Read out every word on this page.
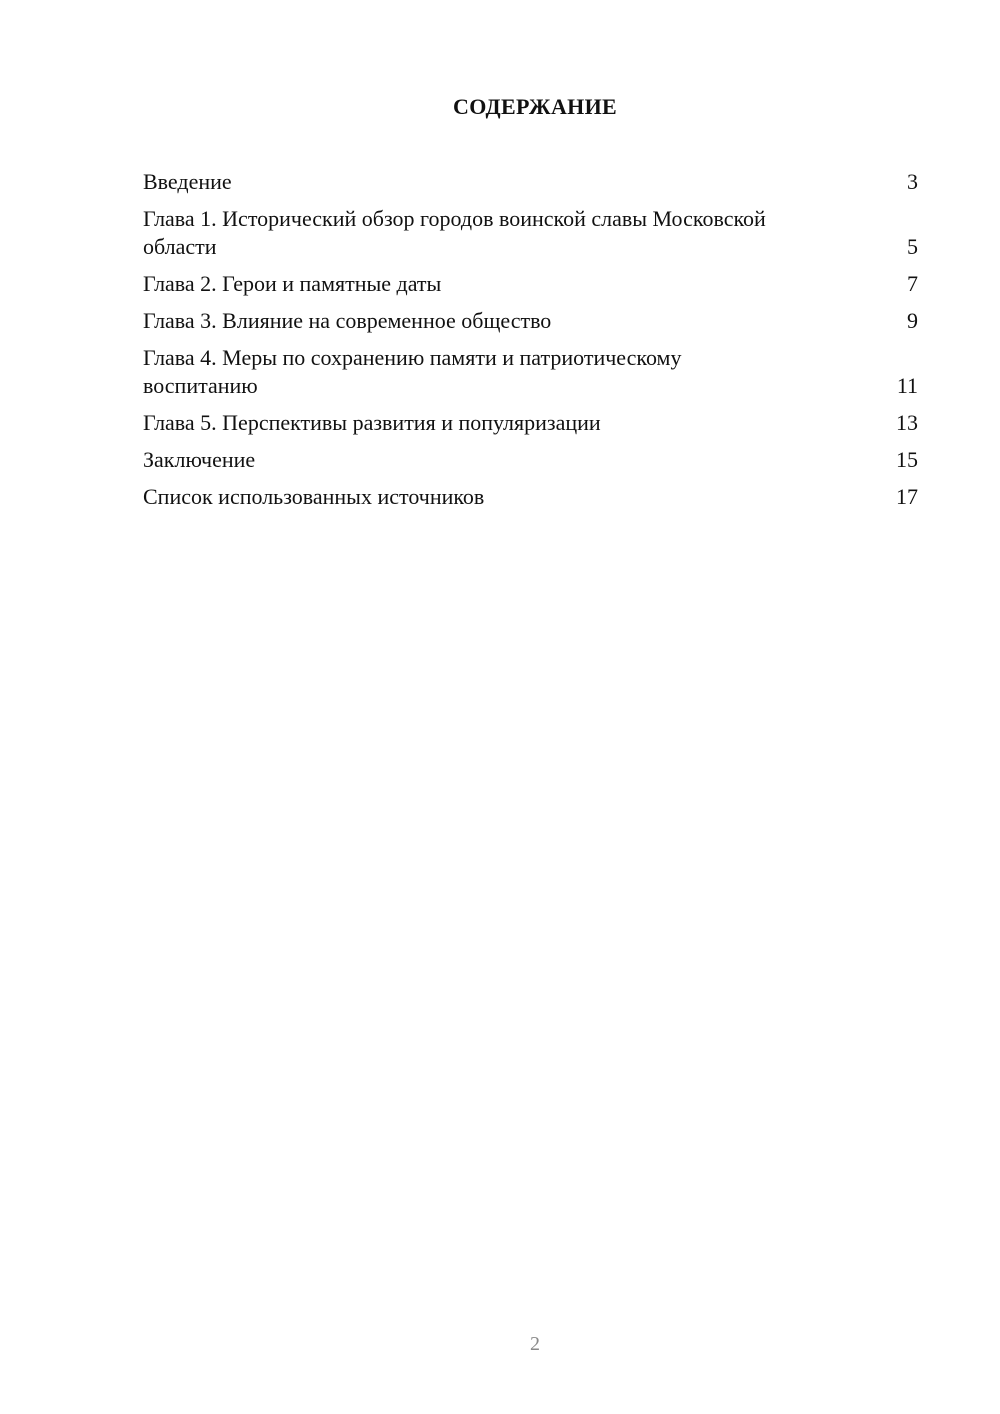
СОДЕРЖАНИЕ
Введение	3
Глава 1. Исторический обзор городов воинской славы Московской области	5
Глава 2. Герои и памятные даты	7
Глава 3. Влияние на современное общество	9
Глава 4. Меры по сохранению памяти и патриотическому воспитанию	11
Глава 5. Перспективы развития и популяризации	13
Заключение	15
Список использованных источников	17
2
